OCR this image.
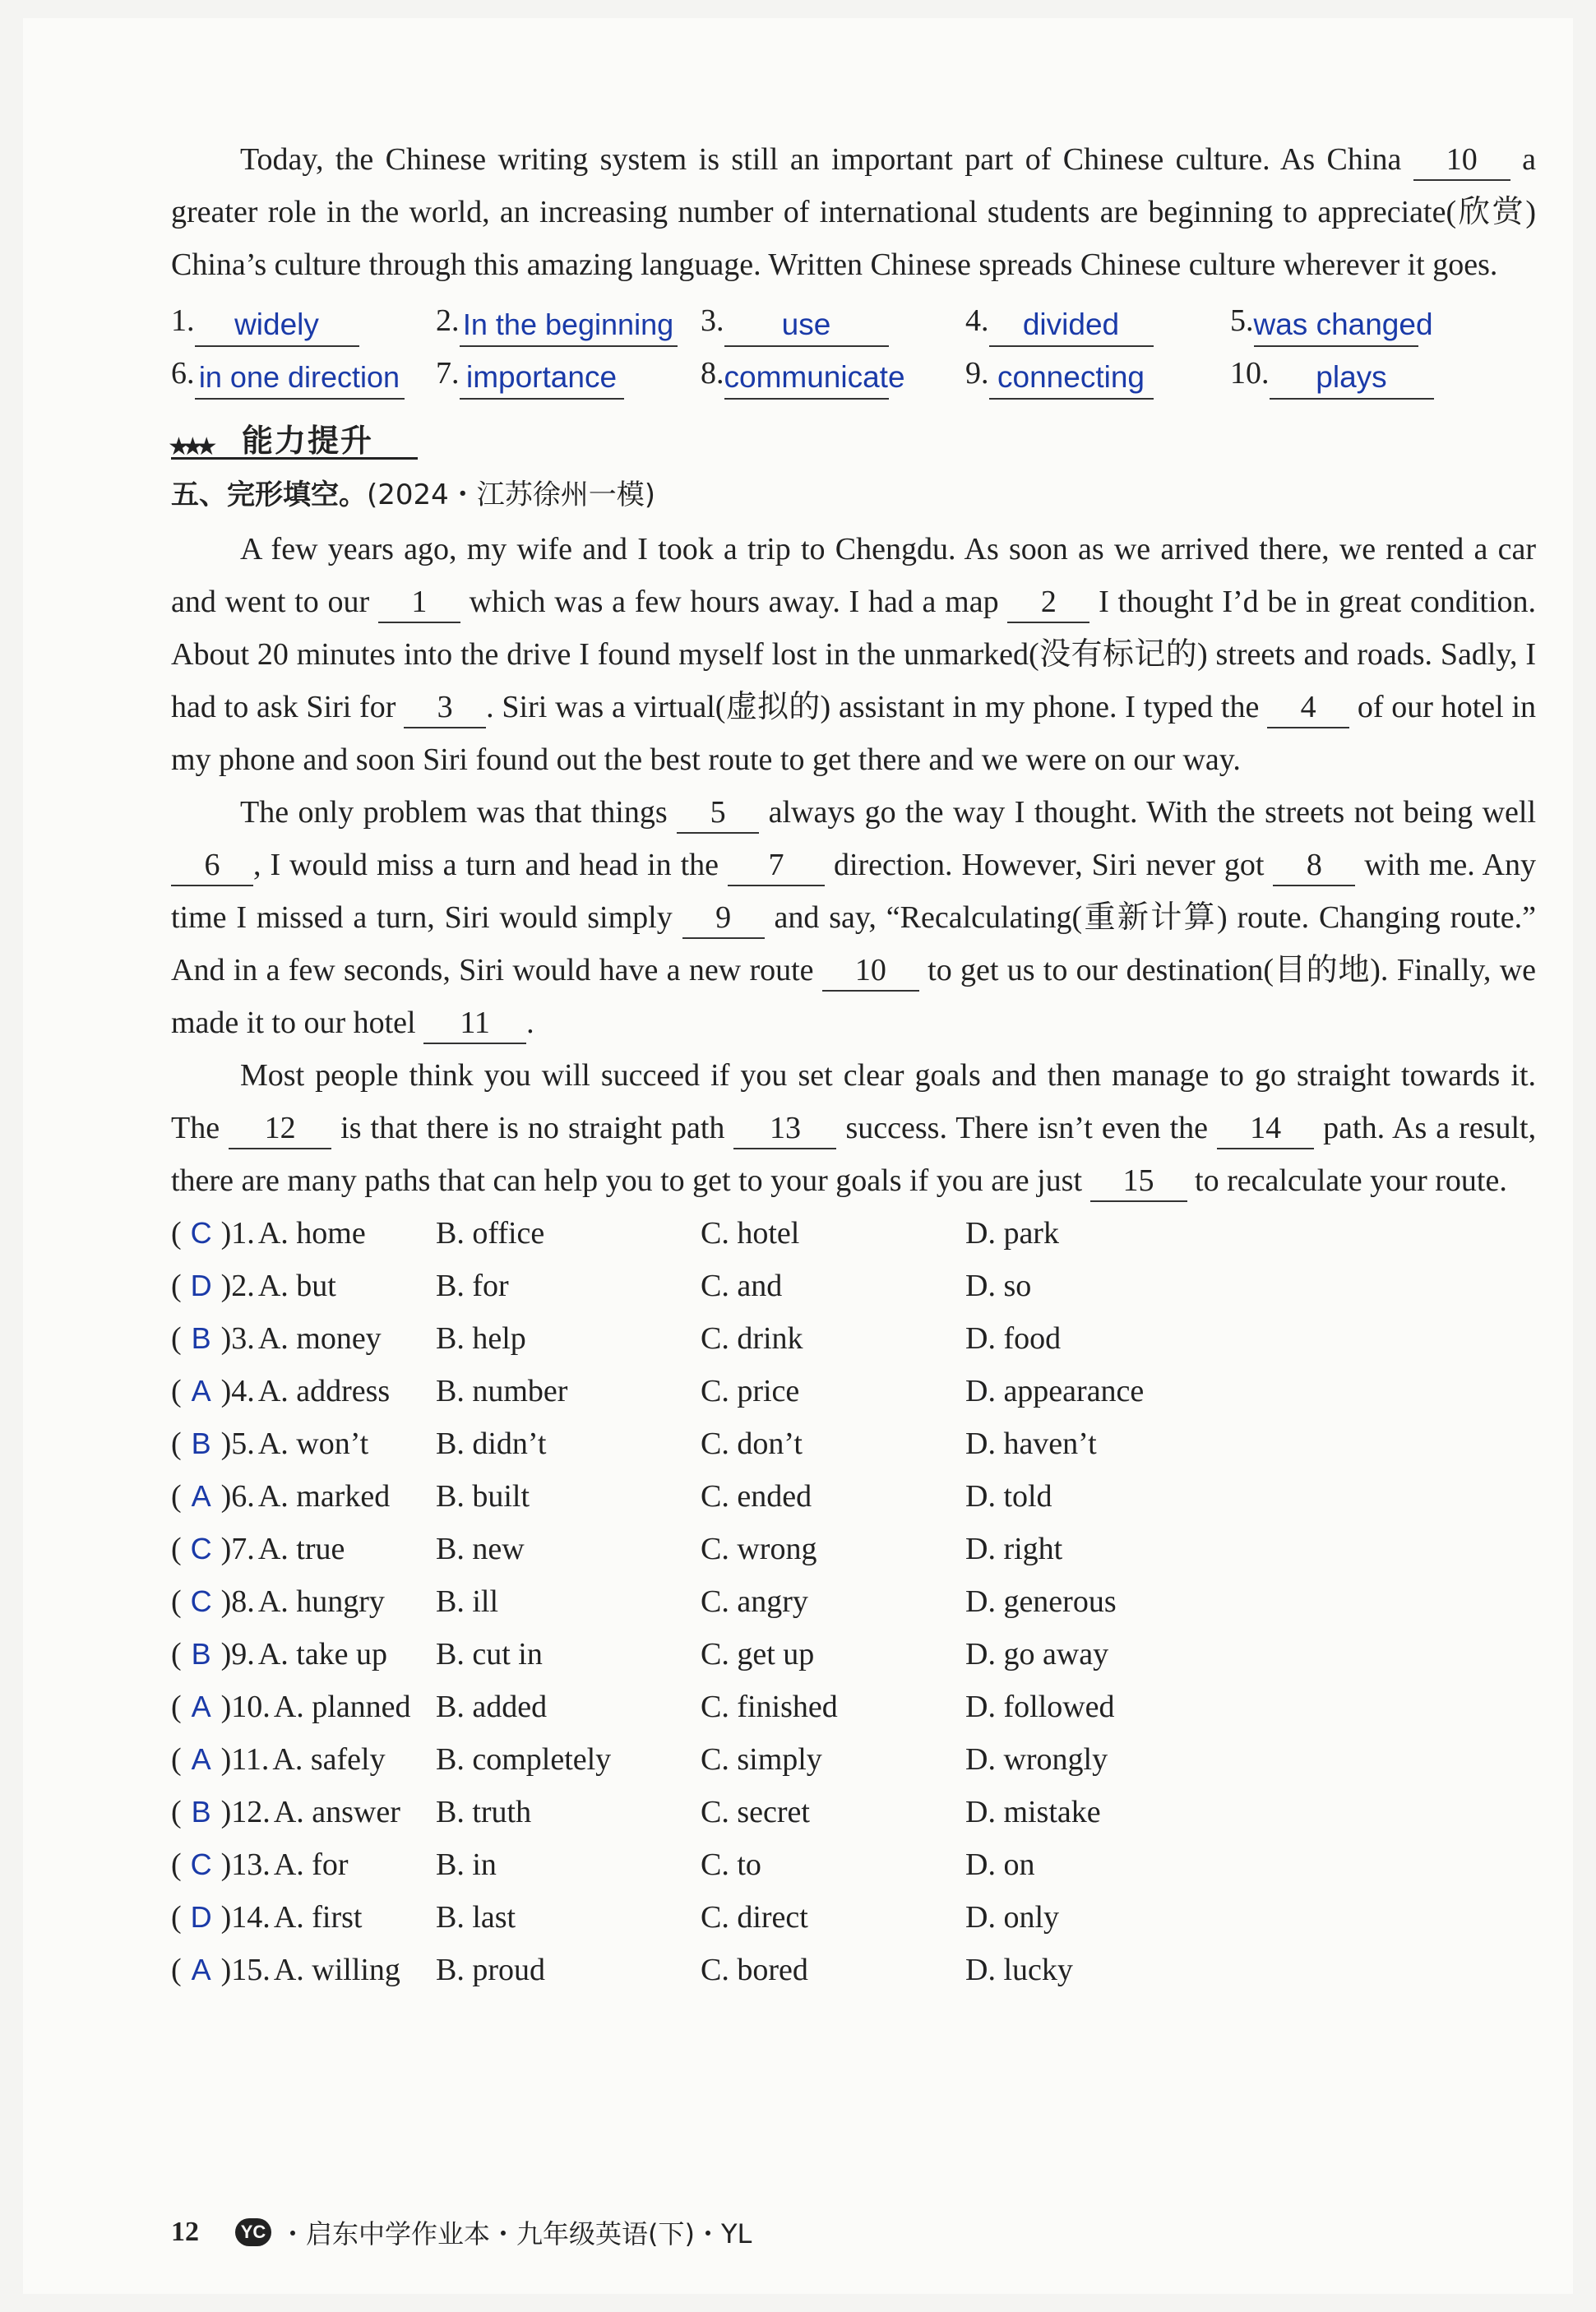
Today, the Chinese writing system is still an important part of Chinese culture. As China 10 a greater role in the world, an increasing number of international students are beginning to appreciate(欣赏) China’s culture through this amazing language. Written Chinese spreads Chinese culture wherever it goes.

1.	widely	2. In the beginning 3.	use	4.	divided	5. was changed
6. in one direction 7. importance	8. communicate 9. connecting	10.	plays
★★★ 能力提升
五、完形填空。(2024・江苏徐州一模)

A few years ago, my wife and I took a trip to Chengdu. As soon as we arrived there, we rented a car and went to our 1 which was a few hours away. I had a map 2 I thought I’d be in great condition. About 20 minutes into the drive I found myself lost in the unmarked(没有标记的) streets and roads. Sadly, I had to ask Siri for 3 . Siri was a virtual(虚拟的) assistant in my phone. I typed the 4 of our hotel in my phone and soon Siri found out the best route to get there and we were on our way.

The only problem was that things 5 always go the way I thought. With the streets not being well 6 , I would miss a turn and head in the 7 direction. However, Siri never got 8 with me. Any time I missed a turn, Siri would simply 9 and say, “Recalculating(重新计算) route. Changing route.” And in a few seconds, Siri would have a new route 10 to get us to our destination(目的地). Finally, we made it to our hotel 11 .

Most people think you will succeed if you set clear goals and then manage to go straight towards it. The 12 is that there is no straight path 13 success. There isn’t even the 14 path. As a result, there are many paths that can help you to get to your goals if you are just 15 to recalculate your route.

( C )1. A. home B. office	C. hotel	D. park
( D )2. A. but	B. for	C. and	D. so
( B )3. A. money B. help	C. drink	D. food
( A )4. A. address B. number	C. price	D. appearance
( B )5. A. won’t B. didn’t	C. don’t	D. haven’t
( A )6. A. marked B. built	C. ended	D. told
( C )7. A. true	B. new	C. wrong	D. right
( C )8. A. hungry B. ill	C. angry	D. generous
( B )9. A. take up B. cut in	C. get up	D. go away
( A )10. A. planned B. added	C. finished	D. followed
( A )11. A. safely B. completely	C. simply	D. wrongly
( B )12. A. answer B. truth	C. secret	D. mistake
( C )13. A. for	B. in	C. to	D. on
( D )14. A. first B. last	C. direct	D. only
( A )15. A. willing B. proud	C. bored	D. lucky
12	YC ・启东中学作业本・九年级英语(下)・YL
